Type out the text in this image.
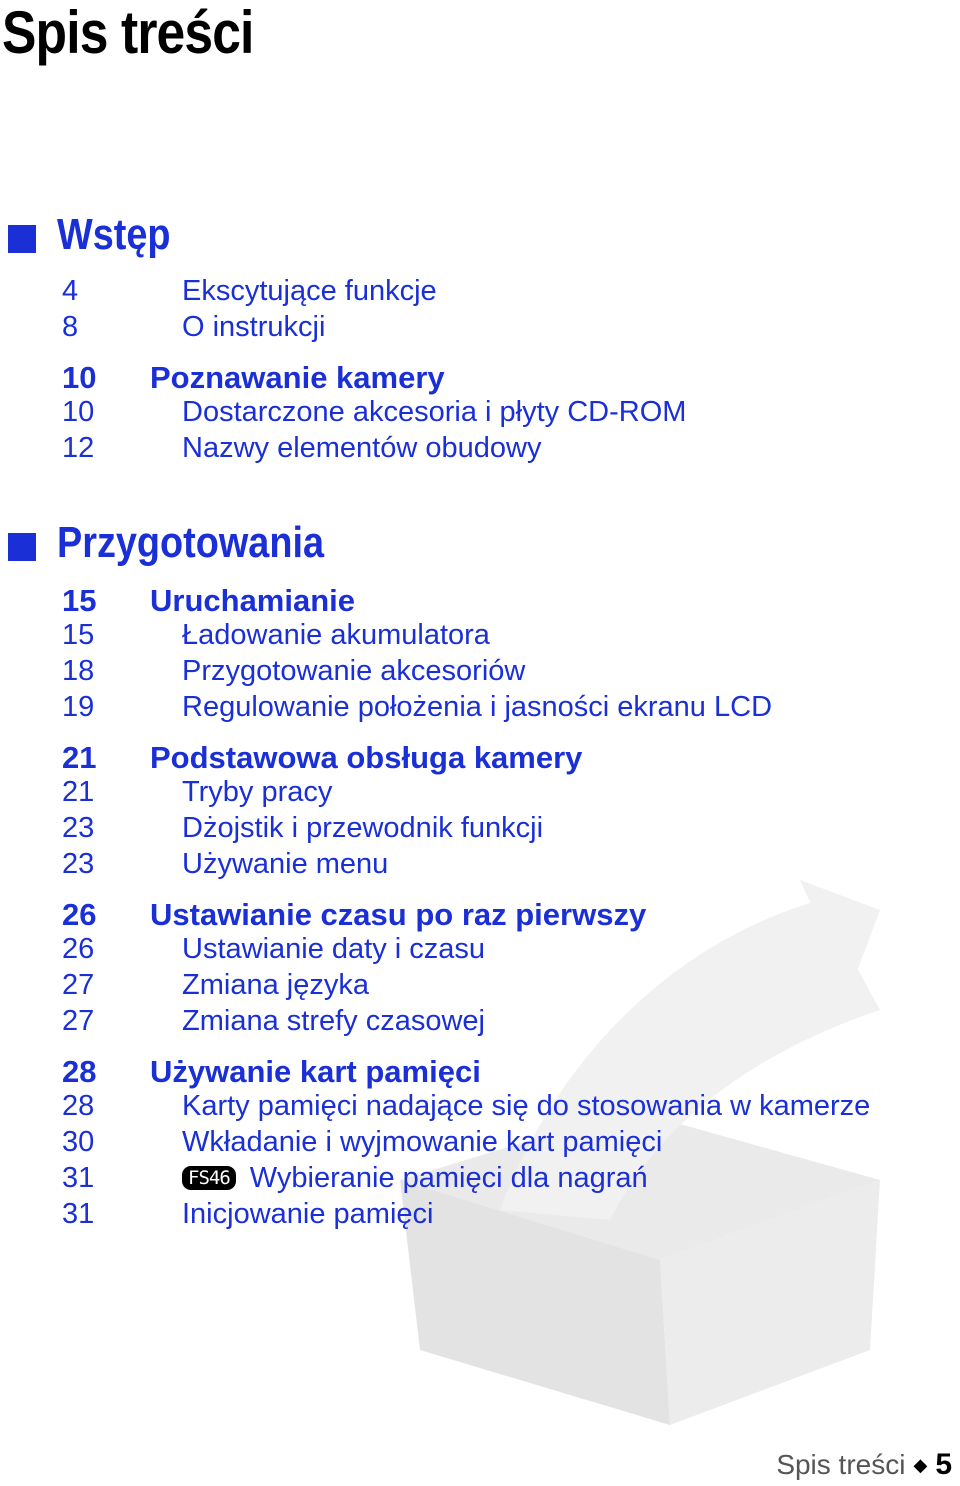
Spis treści
Wstęp
4	Ekscytujące funkcje
8	O instrukcji
10 Poznawanie kamery
10	Dostarczone akcesoria i płyty CD-ROM
12	Nazwy elementów obudowy
Przygotowania
15 Uruchamianie
15	Ładowanie akumulatora
18	Przygotowanie akcesoriów
19	Regulowanie położenia i jasności ekranu LCD
21 Podstawowa obsługa kamery
21	Tryby pracy
23	Dżojstik i przewodnik funkcji
23	Używanie menu
26 Ustawianie czasu po raz pierwszy
26	Ustawianie daty i czasu
27	Zmiana języka
27	Zmiana strefy czasowej
28 Używanie kart pamięci
28	Karty pamięci nadające się do stosowania w kamerze
30	Wkładanie i wyjmowanie kart pamięci
31	FS46 Wybieranie pamięci dla nagrań
31	Inicjowanie pamięci
Spis treści ◆ 5
